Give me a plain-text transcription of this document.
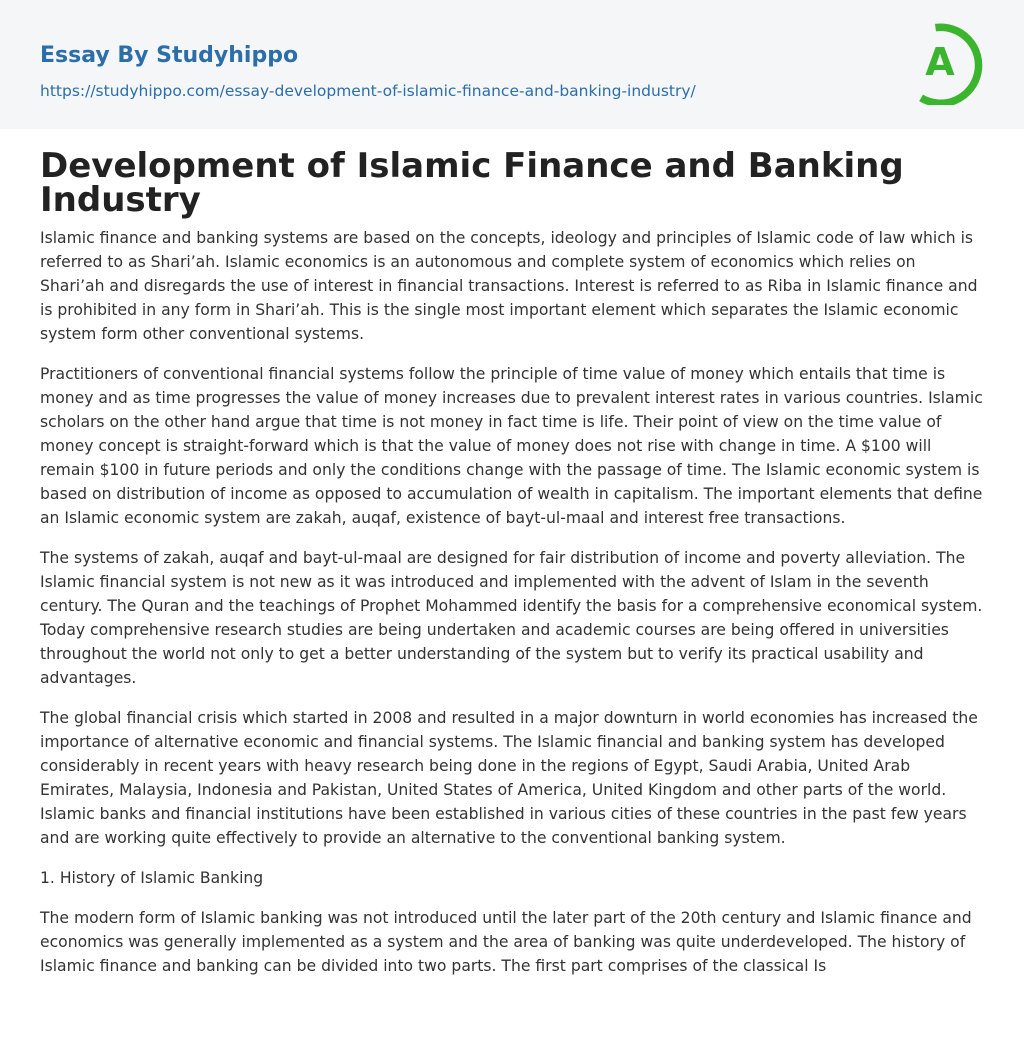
Essay By Studyhippo
https://studyhippo.com/essay-development-of-islamic-finance-and-banking-industry/
A
Development of Islamic Finance and Banking Industry

Islamic finance and banking systems are based on the concepts, ideology and principles of Islamic code of law which is referred to as Shari’ah. Islamic economics is an autonomous and complete system of economics which relies on Shari’ah and disregards the use of interest in financial transactions. Interest is referred to as Riba in Islamic finance and is prohibited in any form in Shari’ah. This is the single most important element which separates the Islamic economic system form other conventional systems.

Practitioners of conventional financial systems follow the principle of time value of money which entails that time is money and as time progresses the value of money increases due to prevalent interest rates in various countries. Islamic scholars on the other hand argue that time is not money in fact time is life. Their point of view on the time value of money concept is straight-forward which is that the value of money does not rise with change in time. A $100 will remain $100 in future periods and only the conditions change with the passage of time. The Islamic economic system is based on distribution of income as opposed to accumulation of wealth in capitalism. The important elements that define an Islamic economic system are zakah, auqaf, existence of bayt-ul-maal and interest free transactions.

The systems of zakah, auqaf and bayt-ul-maal are designed for fair distribution of income and poverty alleviation. The Islamic financial system is not new as it was introduced and implemented with the advent of Islam in the seventh century. The Quran and the teachings of Prophet Mohammed identify the basis for a comprehensive economical system. Today comprehensive research studies are being undertaken and academic courses are being offered in universities throughout the world not only to get a better understanding of the system but to verify its practical usability and advantages.

The global financial crisis which started in 2008 and resulted in a major downturn in world economies has increased the importance of alternative economic and financial systems. The Islamic financial and banking system has developed considerably in recent years with heavy research being done in the regions of Egypt, Saudi Arabia, United Arab Emirates, Malaysia, Indonesia and Pakistan, United States of America, United Kingdom and other parts of the world. Islamic banks and financial institutions have been established in various cities of these countries in the past few years and are working quite effectively to provide an alternative to the conventional banking system.

1. History of Islamic Banking

The modern form of Islamic banking was not introduced until the later part of the 20th century and Islamic finance and economics was generally implemented as a system and the area of banking was quite underdeveloped. The history of Islamic finance and banking can be divided into two parts. The first part comprises of the classical Is
